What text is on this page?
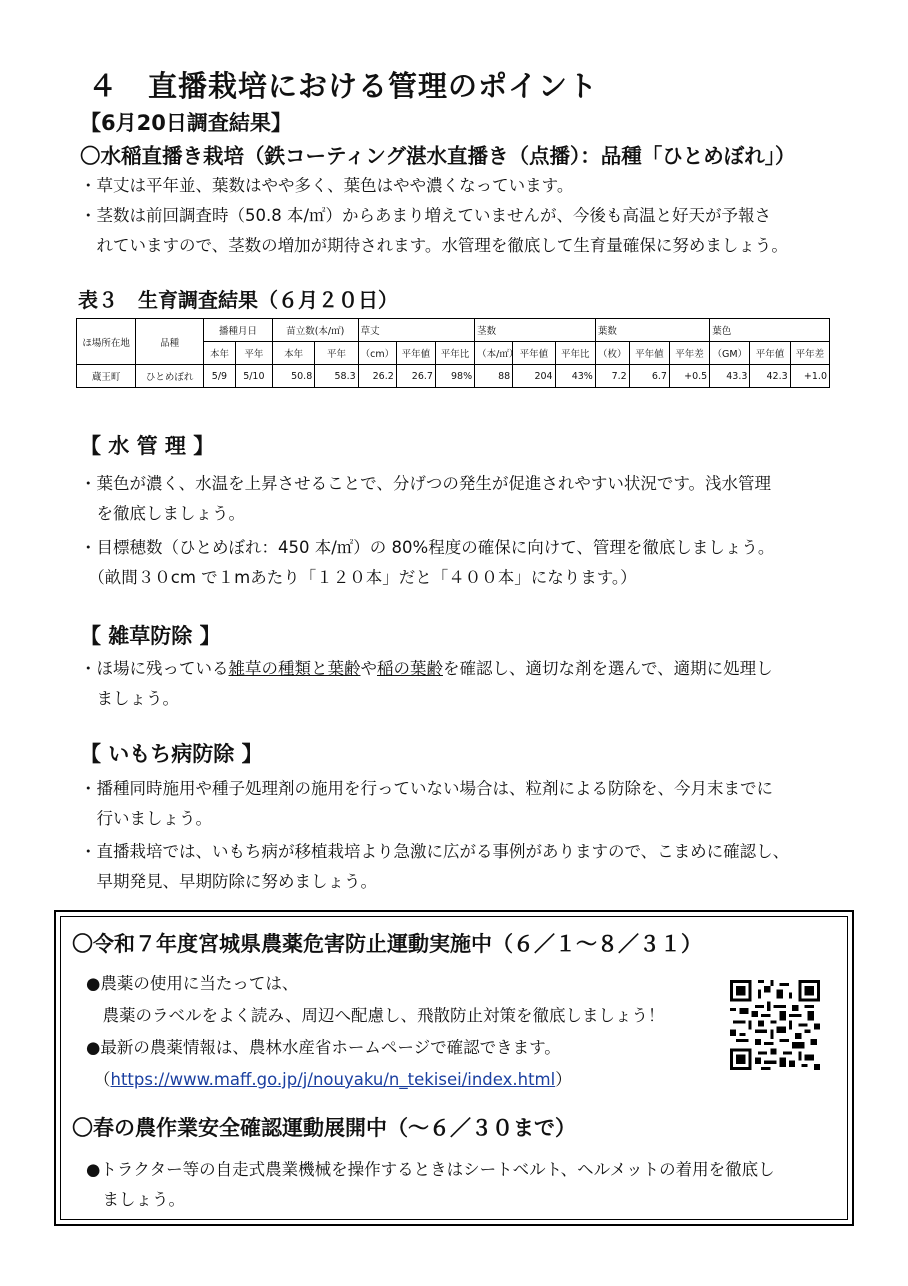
４　直播栽培における管理のポイント
【6月20日調査結果】
〇水稲直播き栽培（鉄コーティング湛水直播き（点播）：品種「ひとめぼれ」）
・草丈は平年並、葉数はやや多く、葉色はやや濃くなっています。
・茎数は前回調査時（50.8 本/㎡）からあまり増えていませんが、今後も高温と好天が予報さ
　れていますので、茎数の増加が期待されます。水管理を徹底して生育量確保に努めましょう。
表３　生育調査結果（６月２０日）
ほ場所在地	品種	播種月日		苗立数(本/㎡)		草丈			茎数			葉数			葉色		
		本年	平年	本年	平年	（cm）	平年値	平年比	（本/㎡）	平年値	平年比	（枚）	平年値	平年差	（GM）	平年値	平年差
蔵王町	ひとめぼれ	5/9	5/10	50.8	58.3	26.2	26.7	98%	88	204	43%	7.2	6.7	+0.5	43.3	42.3	+1.0
【 水 管 理 】
・葉色が濃く、水温を上昇させることで、分げつの発生が促進されやすい状況です。浅水管理
　を徹底しましょう。
・目標穂数（ひとめぼれ：450 本/㎡）の 80%程度の確保に向けて、管理を徹底しましょう。
　（畝間３０cm で１mあたり「１２０本」だと「４００本」になります。）
【 雑草防除 】
・ほ場に残っている雑草の種類と葉齢や稲の葉齢を確認し、適切な剤を選んで、適期に処理し
　ましょう。
【 いもち病防除 】
・播種同時施用や種子処理剤の施用を行っていない場合は、粒剤による防除を、今月末までに
　行いましょう。
・直播栽培では、いもち病が移植栽培より急激に広がる事例がありますので、こまめに確認し、
　早期発見、早期防除に努めましょう。
〇令和７年度宮城県農薬危害防止運動実施中（６／１～８／３１）
●農薬の使用に当たっては、
　農薬のラベルをよく読み、周辺へ配慮し、飛散防止対策を徹底しましょう！
●最新の農薬情報は、農林水産省ホームページで確認できます。
（https://www.maff.go.jp/j/nouyaku/n_tekisei/index.html）
〇春の農作業安全確認運動展開中（～６／３０まで）
●トラクター等の自走式農業機械を操作するときはシートベルト、ヘルメットの着用を徹底し
　ましょう。
